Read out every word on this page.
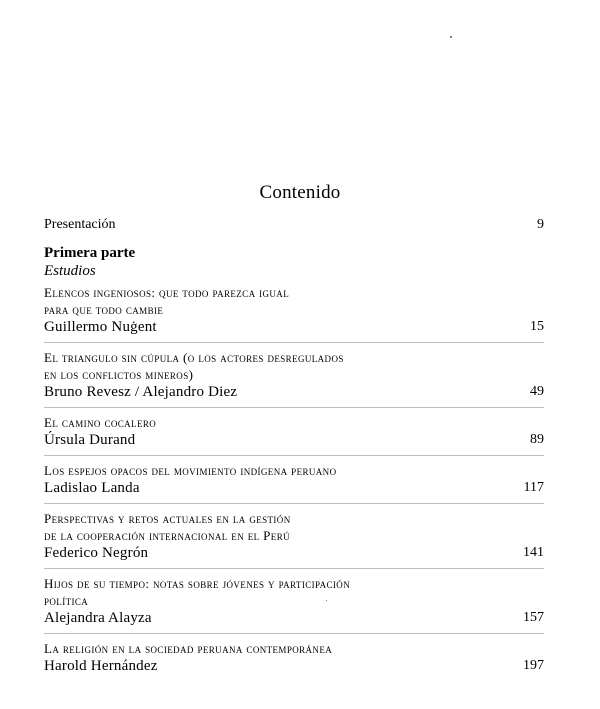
Contenido
Presentación	9
Primera parte
Estudios
Elencos ingeniosos: que todo parezca igual
para que todo cambie
Guillermo Nuġent	15
El triangulo sin cúpula (o los actores desregulados
en los conflictos mineros)
Bruno Revesz / Alejandro Diez	49
El camino cocalero
Úrsula Durand	89
Los espejos opacos del movimiento indígena peruano
Ladislao Landa	117
Perspectivas y retos actuales en la gestión
de la cooperación internacional en el Perú
Federico Negrón	141
Hijos de su tiempo: notas sobre jóvenes y participación
política
Alejandra Alayza	157
La religión en la sociedad peruana contemporánea
Harold Hernández	197
